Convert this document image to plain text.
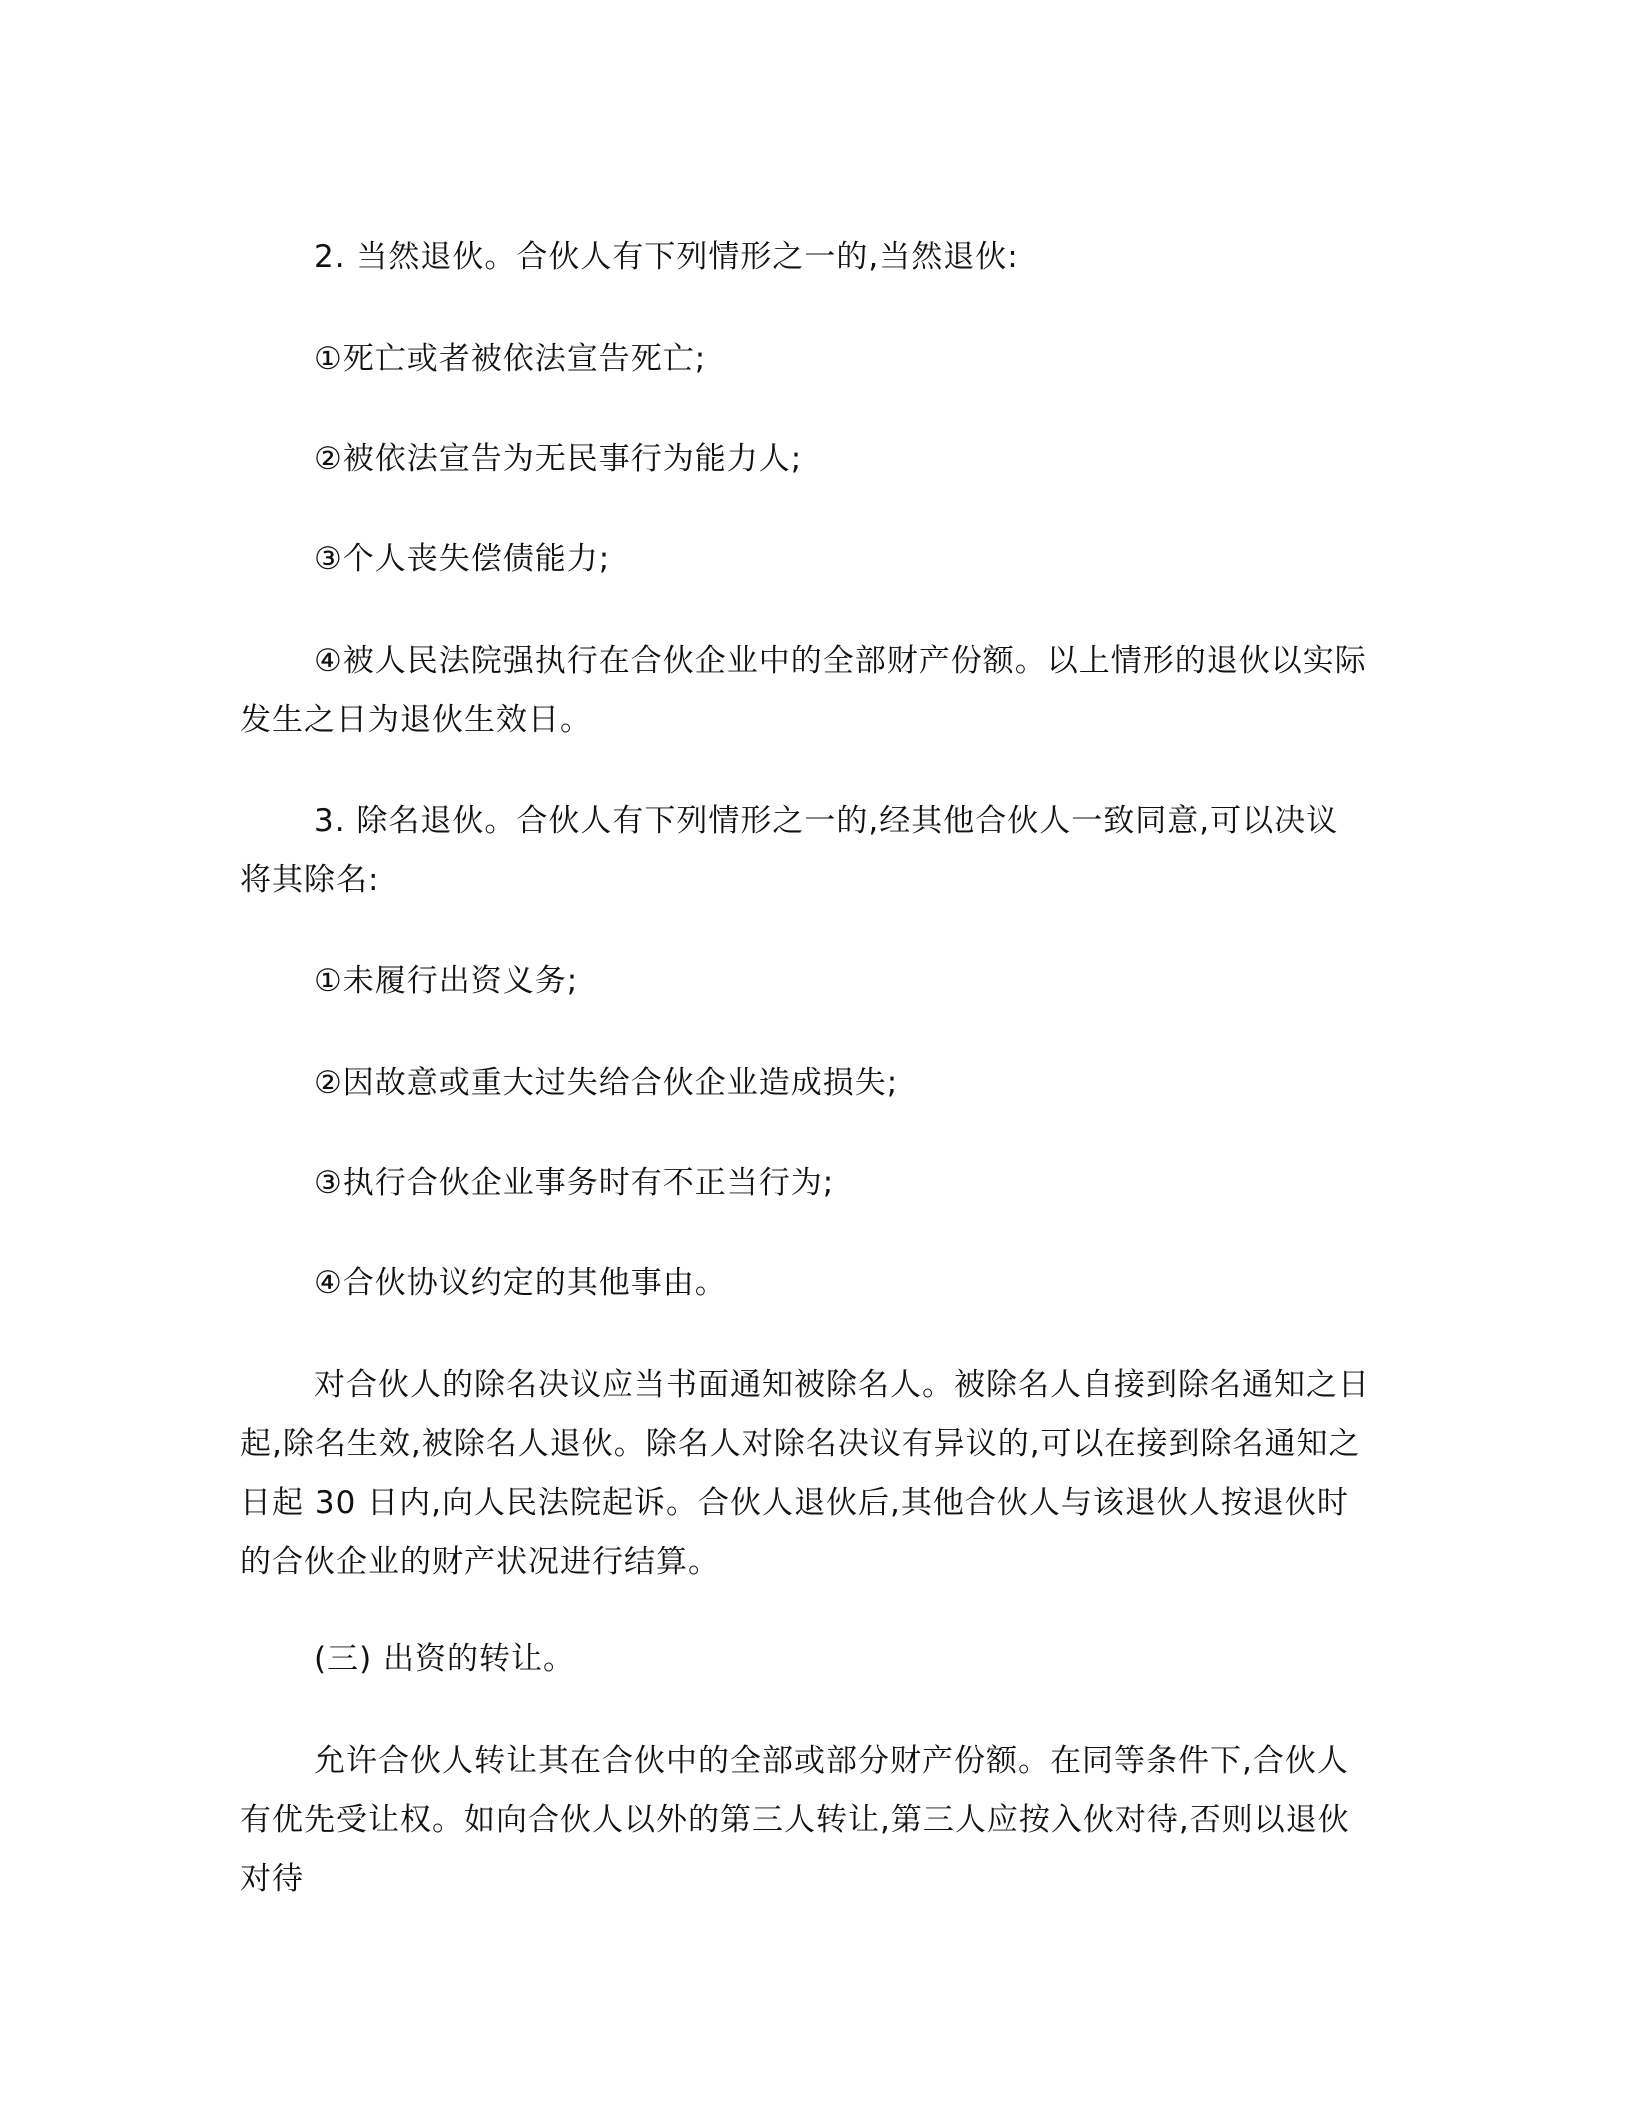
2. 当然退伙。合伙人有下列情形之一的,当然退伙:

①死亡或者被依法宣告死亡;

②被依法宣告为无民事行为能力人;

③个人丧失偿债能力;

④被人民法院强执行在合伙企业中的全部财产份额。以上情形的退伙以实际发生之日为退伙生效日。

3. 除名退伙。合伙人有下列情形之一的,经其他合伙人一致同意,可以决议将其除名:

①未履行出资义务;

②因故意或重大过失给合伙企业造成损失;

③执行合伙企业事务时有不正当行为;

④合伙协议约定的其他事由。

对合伙人的除名决议应当书面通知被除名人。被除名人自接到除名通知之日起,除名生效,被除名人退伙。除名人对除名决议有异议的,可以在接到除名通知之日起 30 日内,向人民法院起诉。合伙人退伙后,其他合伙人与该退伙人按退伙时的合伙企业的财产状况进行结算。

(三) 出资的转让。

允许合伙人转让其在合伙中的全部或部分财产份额。在同等条件下,合伙人有优先受让权。如向合伙人以外的第三人转让,第三人应按入伙对待,否则以退伙对待
